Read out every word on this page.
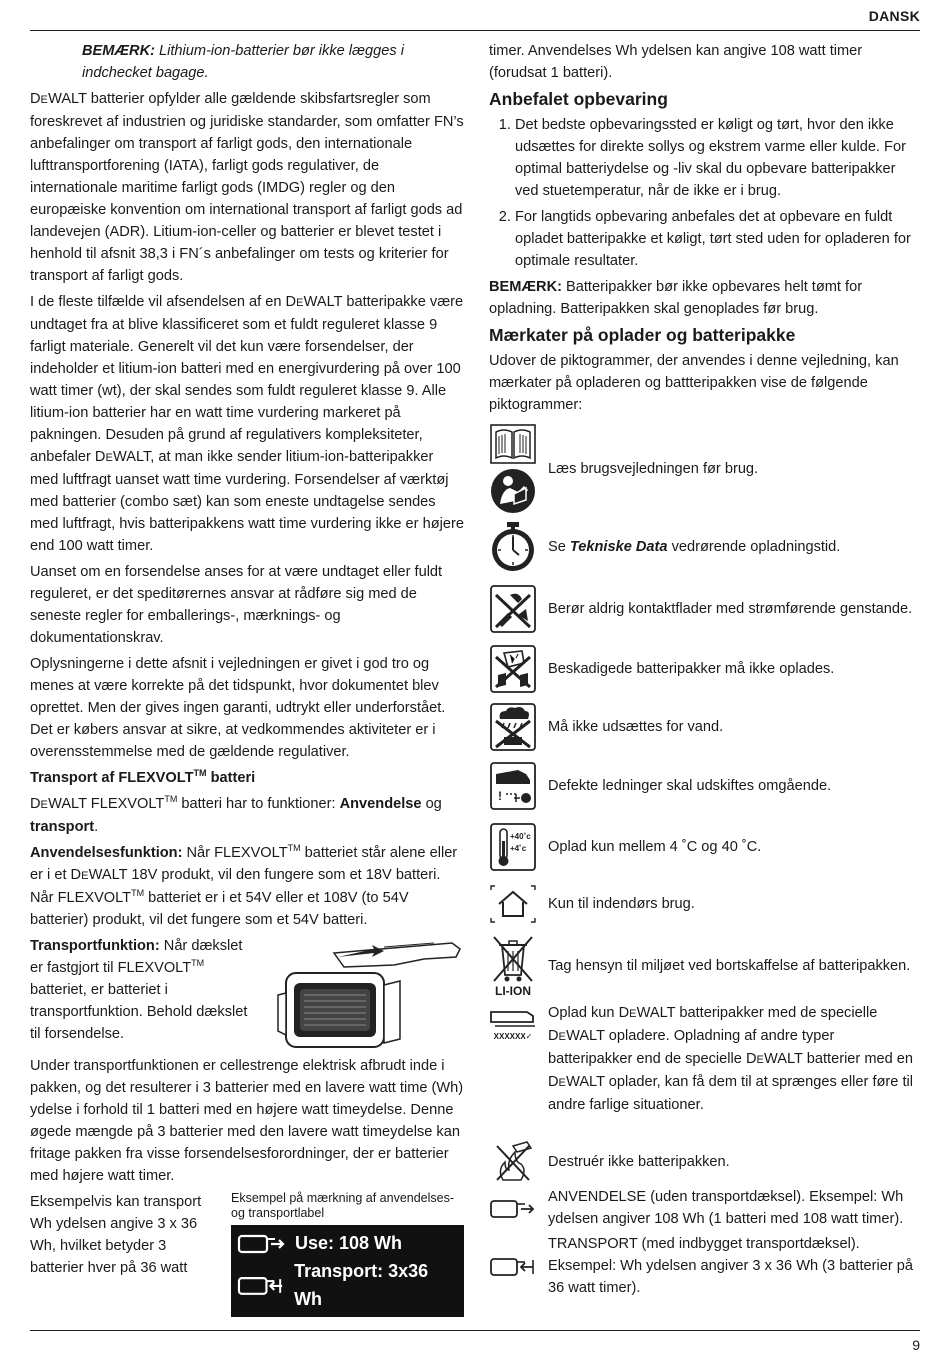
DANSK

BEMÆRK: Lithium-ion-batterier bør ikke lægges i indchecket bagage.

DEWALT batterier opfylder alle gældende skibsfartsregler som foreskrevet af industrien og juridiske standarder, som omfatter FN’s anbefalinger om transport af farligt gods, den internationale lufttransportforening (IATA), farligt gods regulativer, de internationale maritime farligt gods (IMDG) regler og den europæiske konvention om international transport af farligt gods ad landevejen (ADR). Litium-ion-celler og batterier er blevet testet i henhold til afsnit 38,3 i FN´s anbefalinger om tests og kriterier for transport af farligt gods.

I de fleste tilfælde vil afsendelsen af en DEWALT batteripakke være undtaget fra at blive klassificeret som et fuldt reguleret klasse 9 farligt materiale. Generelt vil det kun være forsendelser, der indeholder et litium-ion batteri med en energivurdering på over 100 watt timer (wt), der skal sendes som fuldt reguleret klasse 9. Alle litium-ion batterier har en watt time vurdering markeret på pakningen. Desuden på grund af regulativers kompleksiteter, anbefaler DEWALT, at man ikke sender litium-ion-batteripakker med luftfragt uanset watt time vurdering. Forsendelser af værktøj med batterier (combo sæt) kan som eneste undtagelse sendes med luftfragt, hvis batteripakkens watt time vurdering ikke er højere end 100 watt timer.

Uanset om en forsendelse anses for at være undtaget eller fuldt reguleret, er det speditørernes ansvar at rådføre sig med de seneste regler for emballerings-, mærknings- og dokumentationskrav.

Oplysningerne i dette afsnit i vejledningen er givet i god tro og menes at være korrekte på det tidspunkt, hvor dokumentet blev oprettet. Men der gives ingen garanti, udtrykt eller underforstået. Det er købers ansvar at sikre, at vedkommendes aktiviteter er i overensstemmelse med de gældende regulativer.

Transport af FLEXVOLT™ batteri

DEWALT FLEXVOLT™ batteri har to funktioner: Anvendelse og transport.

Anvendelsesfunktion: Når FLEXVOLT™ batteriet står alene eller er i et DEWALT 18V produkt, vil den fungere som et 18V batteri. Når FLEXVOLT™ batteriet er i et 54V eller et 108V (to 54V batterier) produkt, vil det fungere som et 54V batteri.

Transportfunktion: Når dækslet er fastgjort til FLEXVOLT™ batteriet, er batteriet i transportfunktion. Behold dækslet til forsendelse.

Under transportfunktionen er cellestrenge elektrisk afbrudt inde i pakken, og det resulterer i 3 batterier med en lavere watt time (Wh) ydelse i forhold til 1 batteri med en højere watt timeydelse. Denne øgede mængde på 3 batterier med den lavere watt timeydelse kan fritage pakken fra visse forsendelsesforordninger, der er batterier med højere watt timer.

Eksempelvis kan transport Wh ydelsen angive 3 x 36 Wh, hvilket betyder 3 batterier hver på 36 watt

Eksempel på mærkning af anvendelses- og transportlabel
Use: 108 Wh
Transport: 3x36 Wh

timer. Anvendelses Wh ydelsen kan angive 108 watt timer (forudsat 1 batteri).

Anbefalet opbevaring

1. Det bedste opbevaringssted er køligt og tørt, hvor den ikke udsættes for direkte sollys og ekstrem varme eller kulde. For optimal batteriydelse og -liv skal du opbevare batteripakker ved stuetemperatur, når de ikke er i brug.
2. For langtids opbevaring anbefales det at opbevare en fuldt opladet batteripakke et køligt, tørt sted uden for opladeren for optimale resultater.

BEMÆRK: Batteripakker bør ikke opbevares helt tømt for opladning. Batteripakken skal genoplades før brug.

Mærkater på oplader og batteripakke

Udover de piktogrammer, der anvendes i denne vejledning, kan mærkater på opladeren og battteripakken vise de følgende piktogrammer:

Læs brugsvejledningen før brug.
Se Tekniske Data vedrørende opladningstid.
Berør aldrig kontaktflader med strømførende genstande.
Beskadigede batteripakker må ikke oplades.
Må ikke udsættes for vand.
!
Defekte ledninger skal udskiftes omgående.
+40˚c
+4˚c Oplad kun mellem 4 ˚C og 40 ˚C.
Kun til indendørs brug.
LI-ION
Tag hensyn til miljøet ved bortskaffelse af batteripakken.
XXXXXX✓
Oplad kun DEWALT batteripakker med de specielle DEWALT opladere. Opladning af andre typer batteripakker end de specielle DEWALT batterier med en DEWALT oplader, kan få dem til at sprænges eller føre til andre farlige situationer.
Destruér ikke batteripakken.
ANVENDELSE (uden transportdæksel). Eksempel: Wh ydelsen angiver 108 Wh (1 batteri med 108 watt timer).
TRANSPORT (med indbygget transportdæksel). Eksempel: Wh ydelsen angiver 3 x 36 Wh (3 batterier på 36 watt timer).
9
